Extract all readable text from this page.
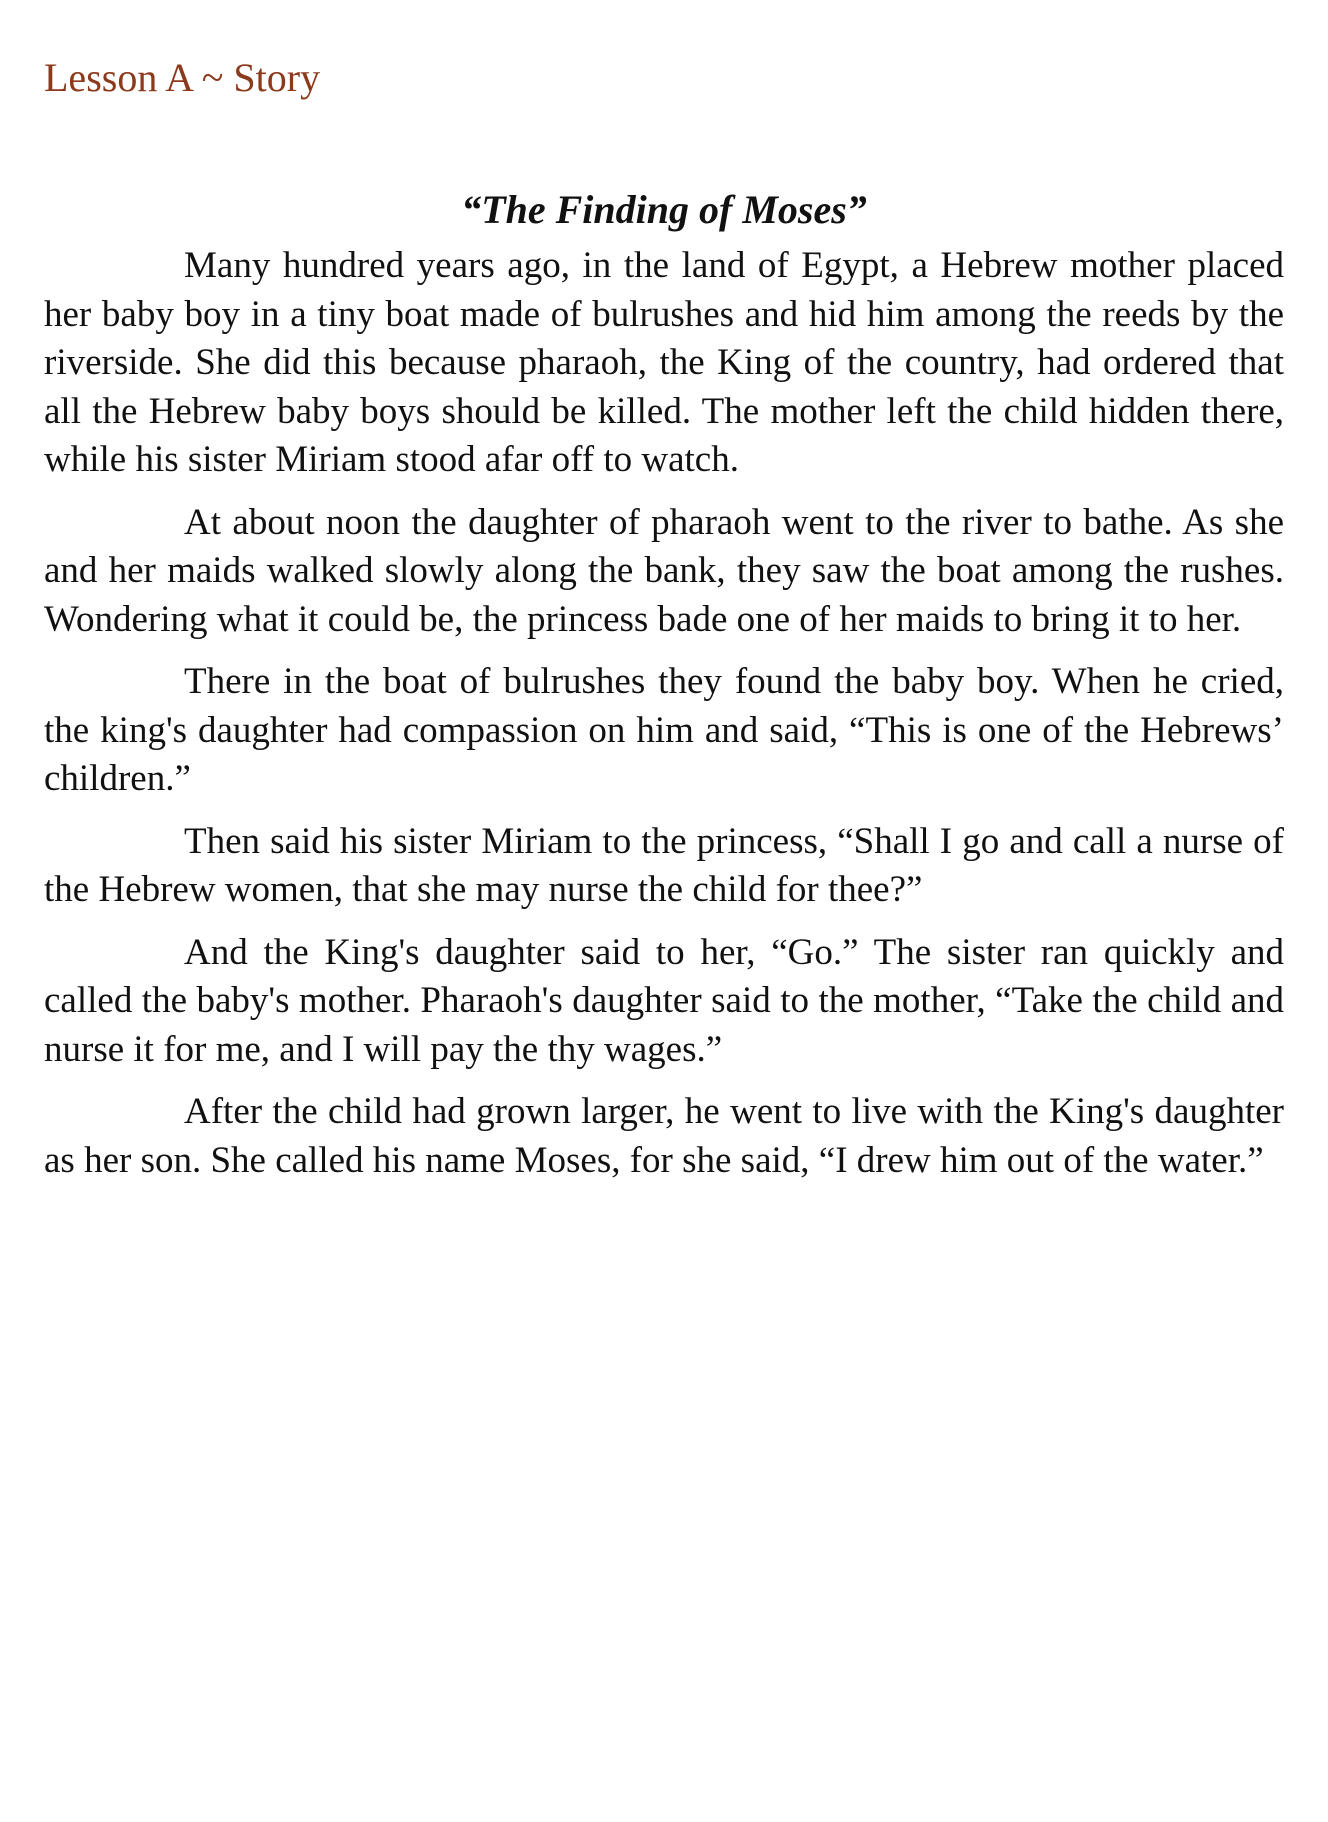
Lesson A ~ Story

“The Finding of Moses”

Many hundred years ago, in the land of Egypt, a Hebrew mother placed her baby boy in a tiny boat made of bulrushes and hid him among the reeds by the riverside. She did this because pharaoh, the King of the country, had ordered that all the Hebrew baby boys should be killed. The mother left the child hidden there, while his sister Miriam stood afar off to watch.

At about noon the daughter of pharaoh went to the river to bathe. As she and her maids walked slowly along the bank, they saw the boat among the rushes. Wondering what it could be, the princess bade one of her maids to bring it to her.

There in the boat of bulrushes they found the baby boy. When he cried, the king's daughter had compassion on him and said, “This is one of the Hebrews’ children.”

Then said his sister Miriam to the princess, “Shall I go and call a nurse of the Hebrew women, that she may nurse the child for thee?”

And the King's daughter said to her, “Go.” The sister ran quickly and called the baby's mother. Pharaoh's daughter said to the mother, “Take the child and nurse it for me, and I will pay the thy wages.”

After the child had grown larger, he went to live with the King's daughter as her son. She called his name Moses, for she said, “I drew him out of the water.”
